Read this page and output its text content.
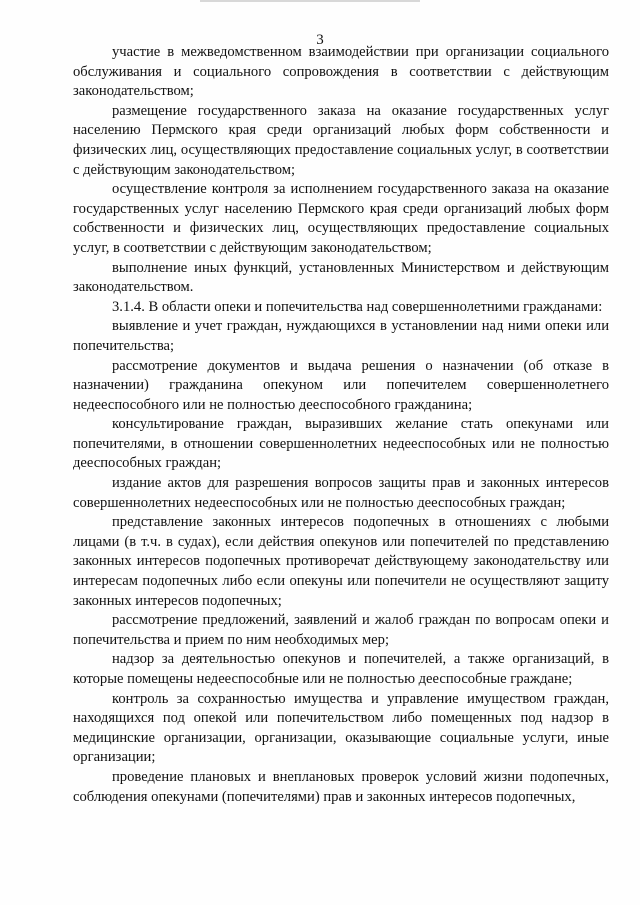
3

участие в межведомственном взаимодействии при организации социального обслуживания и социального сопровождения в соответствии с действующим законодательством;

размещение государственного заказа на оказание государственных услуг населению Пермского края среди организаций любых форм собственности и физических лиц, осуществляющих предоставление социальных услуг, в соответствии с действующим законодательством;

осуществление контроля за исполнением государственного заказа на оказание государственных услуг населению Пермского края среди организаций любых форм собственности и физических лиц, осуществляющих предоставление социальных услуг, в соответствии с действующим законодательством;

выполнение иных функций, установленных Министерством и действующим законодательством.

3.1.4. В области опеки и попечительства над совершеннолетними гражданами:

выявление и учет граждан, нуждающихся в установлении над ними опеки или попечительства;

рассмотрение документов и выдача решения о назначении (об отказе в назначении) гражданина опекуном или попечителем совершеннолетнего недееспособного или не полностью дееспособного гражданина;

консультирование граждан, выразивших желание стать опекунами или попечителями, в отношении совершеннолетних недееспособных или не полностью дееспособных граждан;

издание актов для разрешения вопросов защиты прав и законных интересов совершеннолетних недееспособных или не полностью дееспособных граждан;

представление законных интересов подопечных в отношениях с любыми лицами (в т.ч. в судах), если действия опекунов или попечителей по представлению законных интересов подопечных противоречат действующему законодательству или интересам подопечных либо если опекуны или попечители не осуществляют защиту законных интересов подопечных;

рассмотрение предложений, заявлений и жалоб граждан по вопросам опеки и попечительства и прием по ним необходимых мер;

надзор за деятельностью опекунов и попечителей, а также организаций, в которые помещены недееспособные или не полностью дееспособные граждане;

контроль за сохранностью имущества и управление имуществом граждан, находящихся под опекой или попечительством либо помещенных под надзор в медицинские организации, организации, оказывающие социальные услуги, иные организации;

проведение плановых и внеплановых проверок условий жизни подопечных, соблюдения опекунами (попечителями) прав и законных интересов подопечных,
